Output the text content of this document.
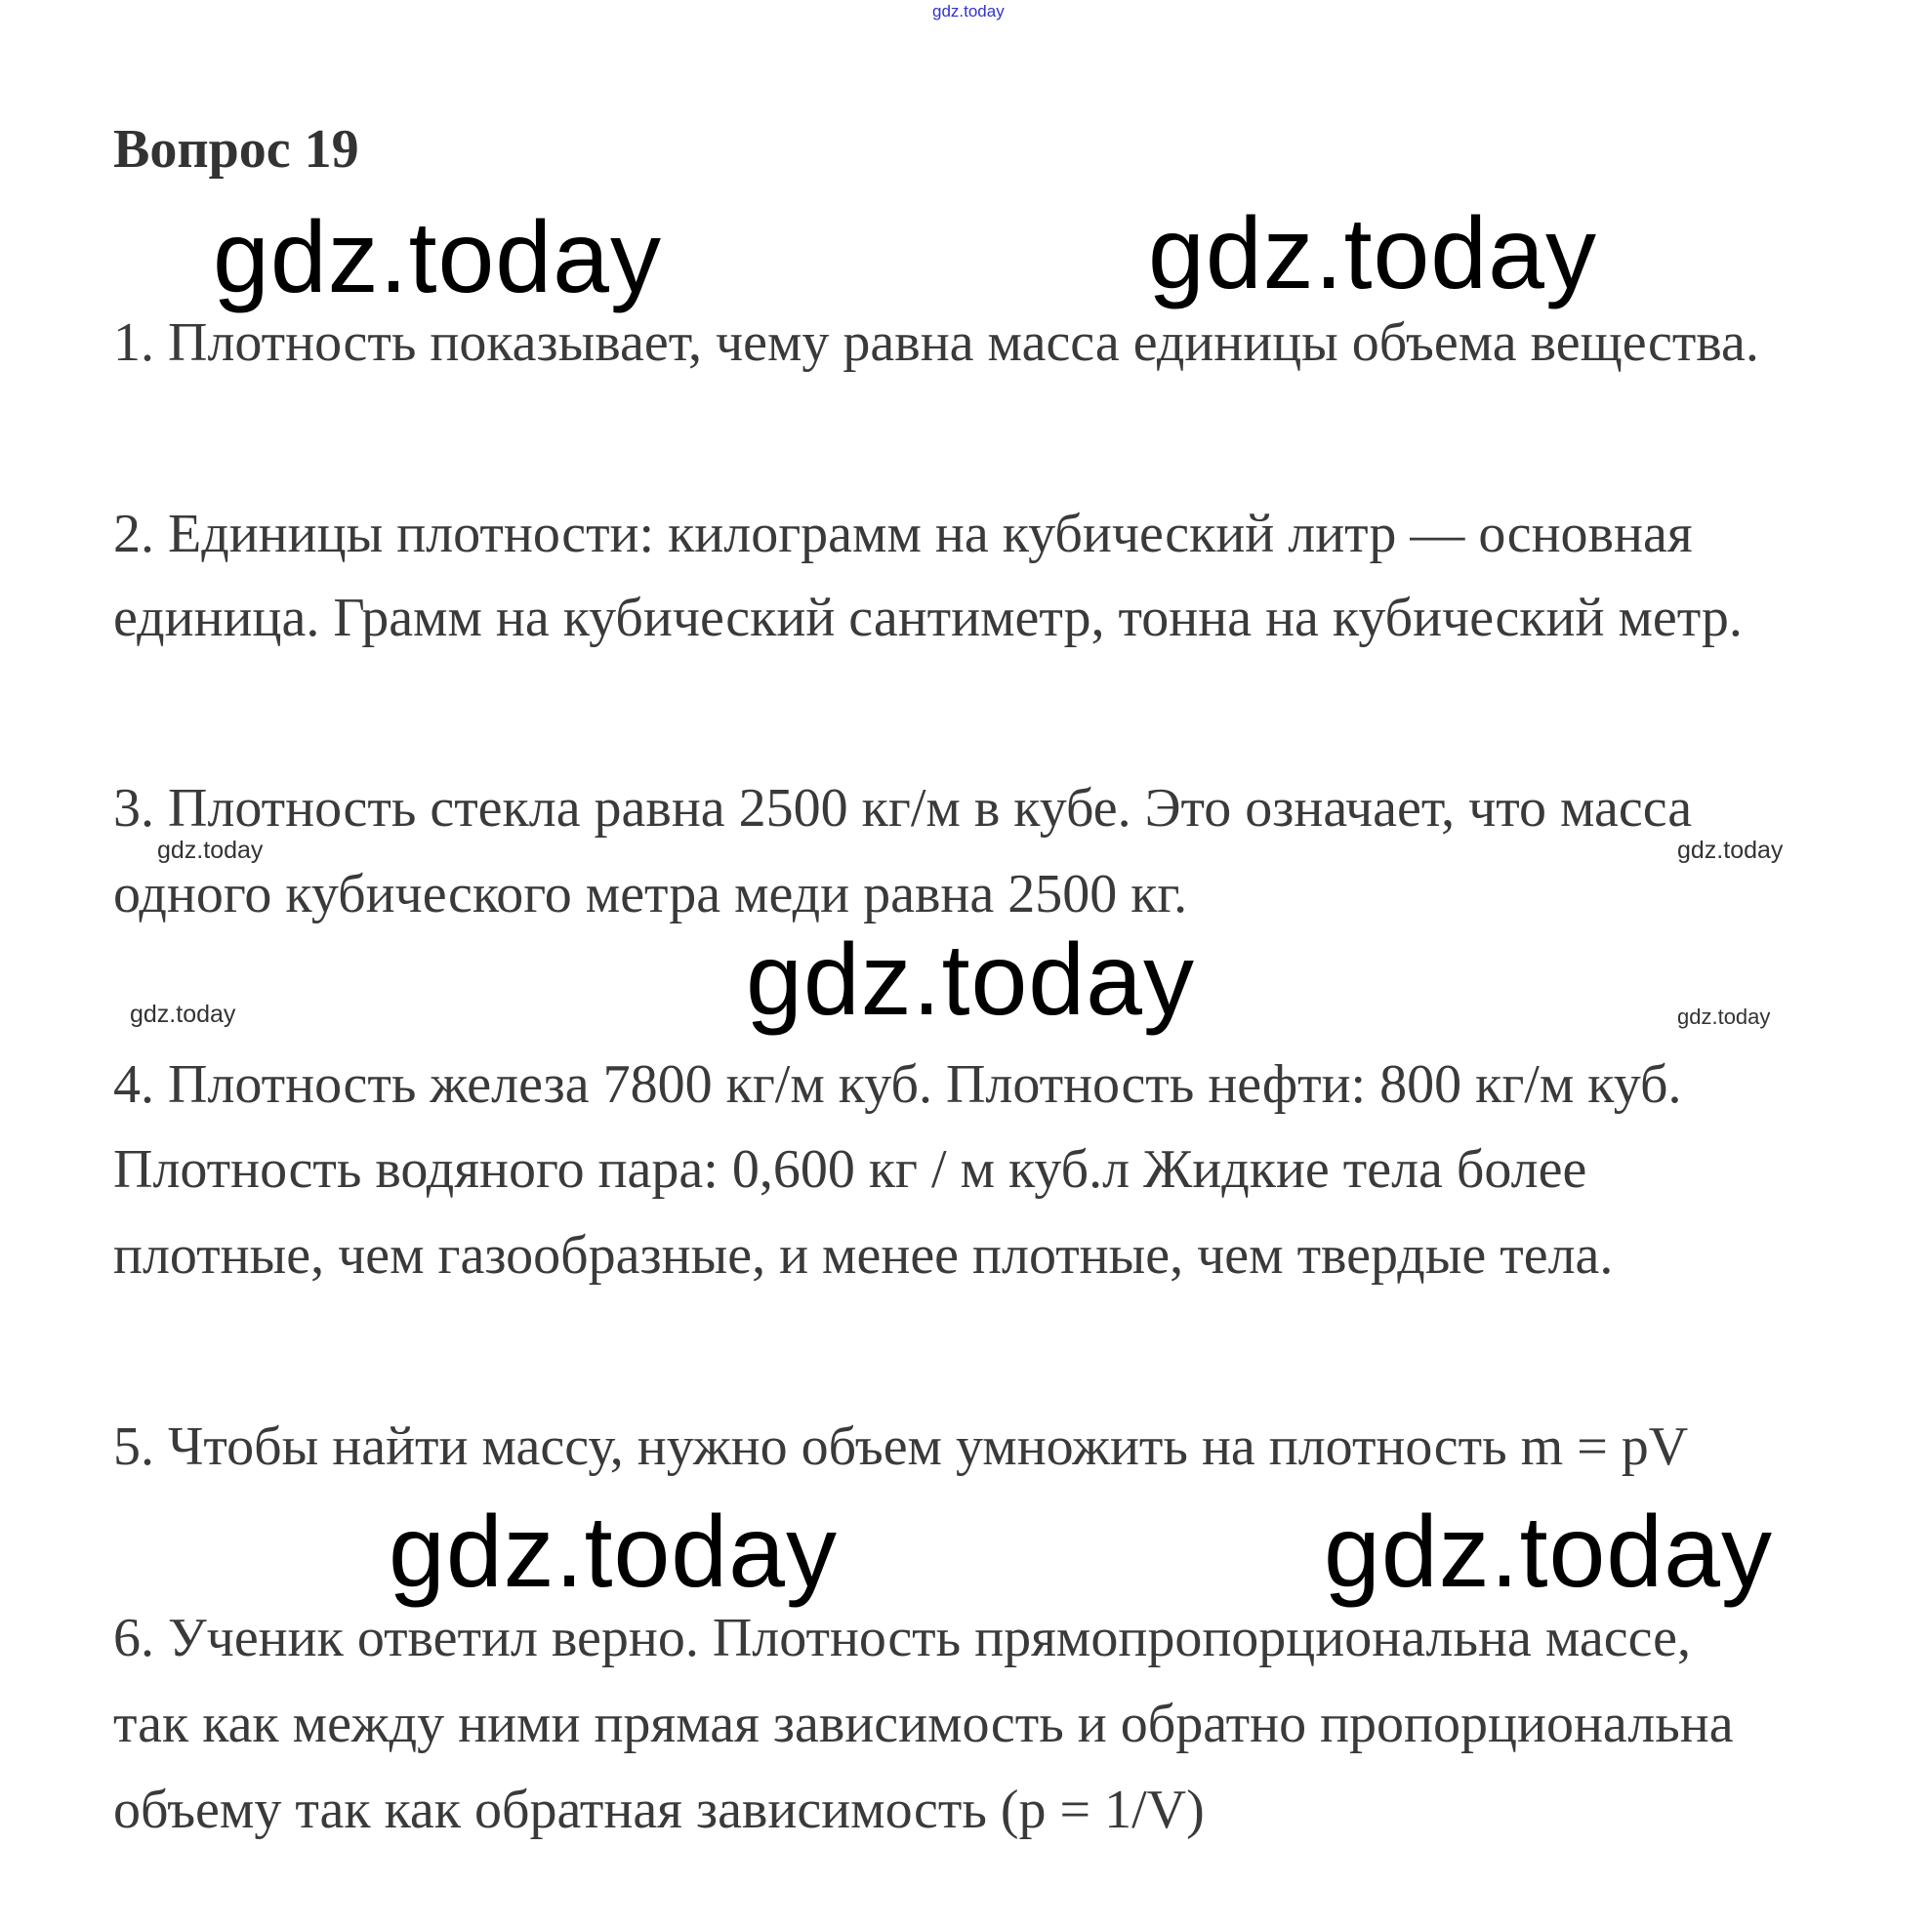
gdz.today
Вопрос 19
gdz.today	gdz.today
1. Плотность показывает, чему равна масса единицы объема вещества.
2. Единицы плотности: килограмм на кубический литр — основная
единица. Грамм на кубический сантиметр, тонна на кубический метр.
3. Плотность стекла равна 2500 кг/м в кубе. Это означает, что масса
одного кубического метра меди равна 2500 кг.
gdz.today	gdz.today
gdz.today	gdz.today
gdz.today
4. Плотность железа 7800 кг/м куб. Плотность нефти: 800 кг/м куб.
Плотность водяного пара: 0,600 кг / м куб.л Жидкие тела более
плотные, чем газообразные, и менее плотные, чем твердые тела.
5. Чтобы найти массу, нужно объем умножить на плотность m = pV
gdz.today	gdz.today
6. Ученик ответил верно. Плотность прямопропорциональна массе,
так как между ними прямая зависимость и обратно пропорциональна
объему так как обратная зависимость (p = 1/V)
